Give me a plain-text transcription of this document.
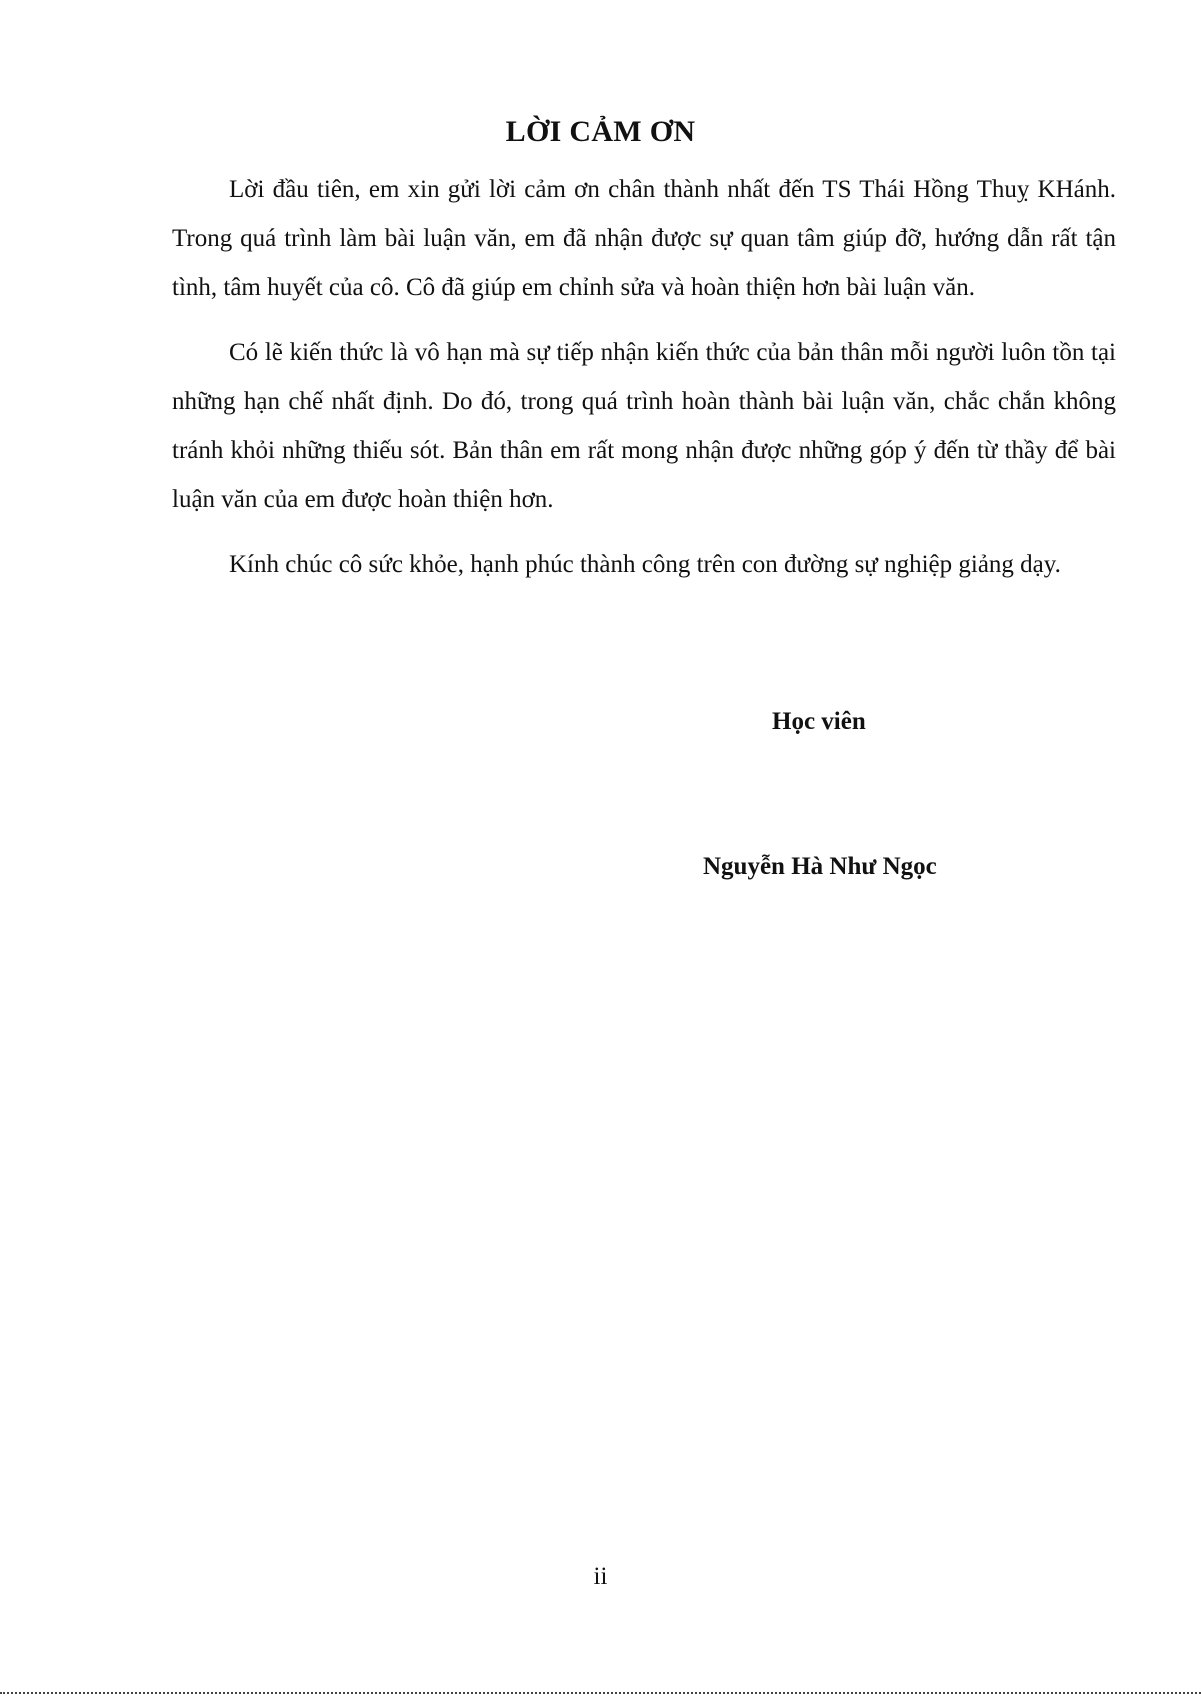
LỜI CẢM ƠN

Lời đầu tiên, em xin gửi lời cảm ơn chân thành nhất đến TS Thái Hồng Thuỵ KHánh. Trong quá trình làm bài luận văn, em đã nhận được sự quan tâm giúp đỡ, hướng dẫn rất tận tình, tâm huyết của cô. Cô đã giúp em chỉnh sửa và hoàn thiện hơn bài luận văn.

Có lẽ kiến thức là vô hạn mà sự tiếp nhận kiến thức của bản thân mỗi người luôn tồn tại những hạn chế nhất định. Do đó, trong quá trình hoàn thành bài luận văn, chắc chắn không tránh khỏi những thiếu sót. Bản thân em rất mong nhận được những góp ý đến từ thầy để bài luận văn của em được hoàn thiện hơn.

Kính chúc cô sức khỏe, hạnh phúc thành công trên con đường sự nghiệp giảng dạy.

Học viên
Nguyễn Hà Như Ngọc
ii
